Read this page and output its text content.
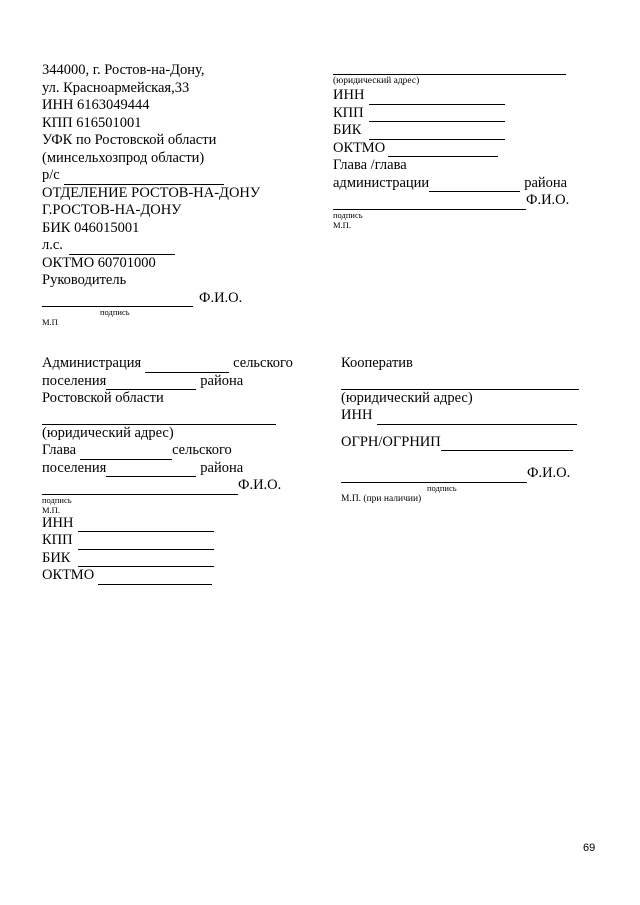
344000, г. Ростов-на-Дону,
ул. Красноармейская,33
ИНН 6163049444
КПП 616501001
УФК по Ростовской области
(минсельхозпрод области)
р/с
ОТДЕЛЕНИЕ РОСТОВ-НА-ДОНУ
Г.РОСТОВ-НА-ДОНУ
БИК 046015001
л.с.
ОКТМО 60701000
Руководитель
Ф.И.О.
подпись
М.П
(юридический адрес)
ИНН
КПП
БИК
ОКТМО
Глава /глава
администрации	района
Ф.И.О.
подпись
М.П.
Администрация	сельского
поселения	района
Ростовской области
(юридический адрес)
Глава	сельского
поселения	района
Ф.И.О.
подпись
М.П.
ИНН
КПП
БИК
ОКТМО
Кооператив
(юридический адрес)
ИНН
ОГРН/ОГРНИП
Ф.И.О.
подпись
М.П. (при наличии)
69
